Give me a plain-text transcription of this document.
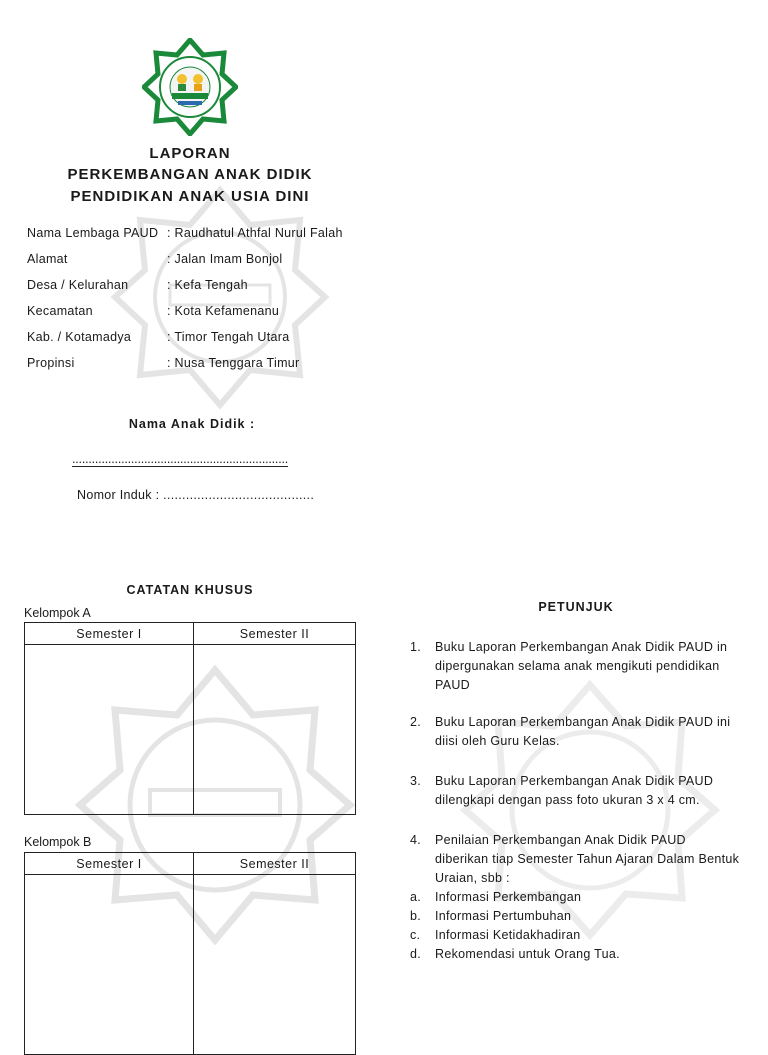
LAPORAN
PERKEMBANGAN ANAK DIDIK
PENDIDIKAN ANAK USIA DINI
Nama Lembaga PAUD : Raudhatul Athfal Nurul Falah
Alamat	: Jalan Imam Bonjol
Desa / Kelurahan	: Kefa Tengah
Kecamatan	: Kota Kefamenanu
Kab. / Kotamadya	: Timor Tengah Utara
Propinsi	: Nusa Tenggara Timur
Nama Anak Didik :
..................................................................
Nomor Induk : ........................................
CATATAN KHUSUS
Kelompok A
Semester I	Semester II

Kelompok B
Semester I	Semester II

PETUNJUK
1. Buku Laporan Perkembangan Anak Didik PAUD in dipergunakan selama anak mengikuti pendidikan PAUD
2. Buku Laporan Perkembangan Anak Didik PAUD ini diisi oleh Guru Kelas.
3. Buku Laporan Perkembangan Anak Didik PAUD dilengkapi dengan pass foto ukuran 3 x 4 cm.
4. Penilaian Perkembangan Anak Didik PAUD diberikan tiap Semester Tahun Ajaran Dalam Bentuk Uraian, sbb :
a. Informasi Perkembangan
b. Informasi Pertumbuhan
c. Informasi Ketidakhadiran
d. Rekomendasi untuk Orang Tua.
